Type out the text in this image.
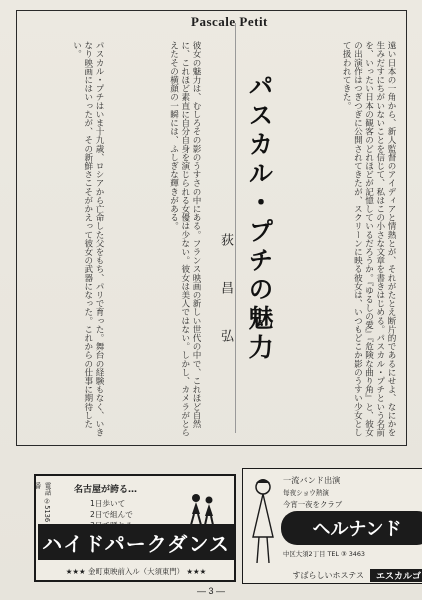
Pascale Petit
遠い日本の一角から、新人監督のアイディアと情熱とが、それがたとえ断片的であるにせよ、なにかを生みだすにちがいないことを信じて、私はこの小さな文章を書きはじめる。パスカル・プチという名前を、いったい日本の観客のどれほどが記憶しているだろうか。『ゆるしの愛』『危険な曲り角』と、彼女の出演作はつぎつぎに公開されてきたが、スクリーンに映る彼女は、いつもどこか影のうすい少女として扱われてきた。
パスカル・プチの魅力
荻 昌 弘
彼女の魅力は、むしろその影のうすさの中にある。フランス映画の新しい世代の中で、これほど自然に、これほど素直に自分自身を演じられる女優は少ない。彼女は美人ではない。しかし、カメラがとらえたその横顔の一瞬には、ふしぎな輝きがある。
パスカル・プチはいま十九歳、ロシアから亡命した父をもち、パリで育った。舞台の経験もなく、いきなり映画にはいったが、その新鮮さこそがかえって彼女の武器になった。これからの仕事に期待したい。
電話 ②5136番	名古屋が誇る…
1日歩いて
2日で組んで
ハイドパークダンス
★★★ 金町東映前入ル（大須東門） ★★★
一流バンド出演
每夜ショウ熱演
今宵一夜をクラブ
ヘルナンド
中区大須2丁目 TEL ③ 3463
すばらしいホステス	エスカルゴ
— 3 —
